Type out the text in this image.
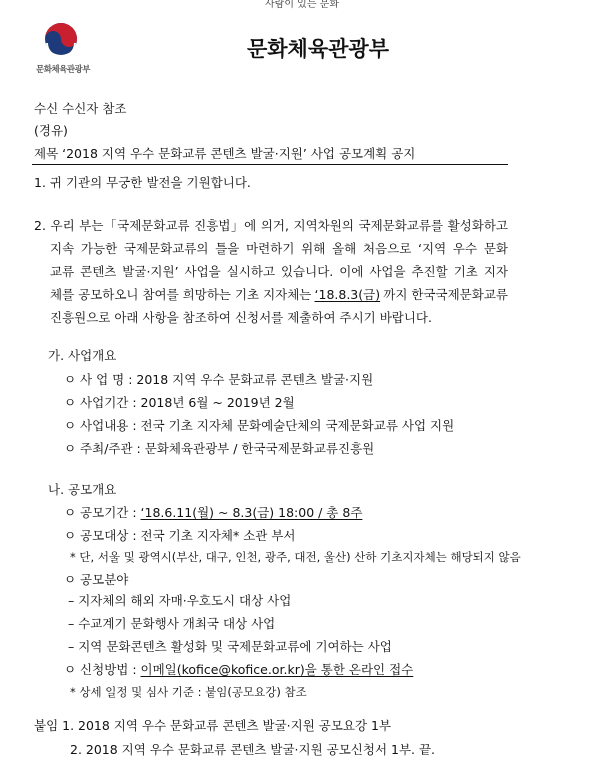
사람이 있는 문화
문화체육관광부
문화체육관광부
수신 수신자 참조
(경유)
제목 ‘2018 지역 우수 문화교류 콘텐츠 발굴·지원’ 사업 공모계획 공지
1. 귀 기관의 무궁한 발전을 기원합니다.
2. 우리 부는「국제문화교류 진흥법」에 의거, 지역차원의 국제문화교류를 활성화하고
지속 가능한 국제문화교류의 틀을 마련하기 위해 올해 처음으로 ‘지역 우수 문화
교류 콘텐츠 발굴·지원’ 사업을 실시하고 있습니다. 이에 사업을 추진할 기초 지자
체를 공모하오니 참여를 희망하는 기초 지자체는 ‘18.8.3(금) 까지 한국국제문화교류
진흥원으로 아래 사항을 참조하여 신청서를 제출하여 주시기 바랍니다.
가. 사업개요
ㅇ 사 업 명 : 2018 지역 우수 문화교류 콘텐츠 발굴·지원
ㅇ 사업기간 : 2018년 6월 ~ 2019년 2월
ㅇ 사업내용 : 전국 기초 지자체 문화예술단체의 국제문화교류 사업 지원
ㅇ 주최/주관 : 문화체육관광부 / 한국국제문화교류진흥원
나. 공모개요
ㅇ 공모기간 : ‘18.6.11(월) ~ 8.3(금) 18:00 / 총 8주
ㅇ 공모대상 : 전국 기초 지자체* 소관 부서
* 단, 서울 및 광역시(부산, 대구, 인천, 광주, 대전, 울산) 산하 기초지자체는 해당되지 않음
ㅇ 공모분야
– 지자체의 해외 자매·우호도시 대상 사업
– 수교계기 문화행사 개최국 대상 사업
– 지역 문화콘텐츠 활성화 및 국제문화교류에 기여하는 사업
ㅇ 신청방법 : 이메일(kofice@kofice.or.kr)을 통한 온라인 접수
* 상세 일정 및 심사 기준 : 붙임(공모요강) 참조
붙임 1. 2018 지역 우수 문화교류 콘텐츠 발굴·지원 공모요강 1부
2. 2018 지역 우수 문화교류 콘텐츠 발굴·지원 공모신청서 1부. 끝.
